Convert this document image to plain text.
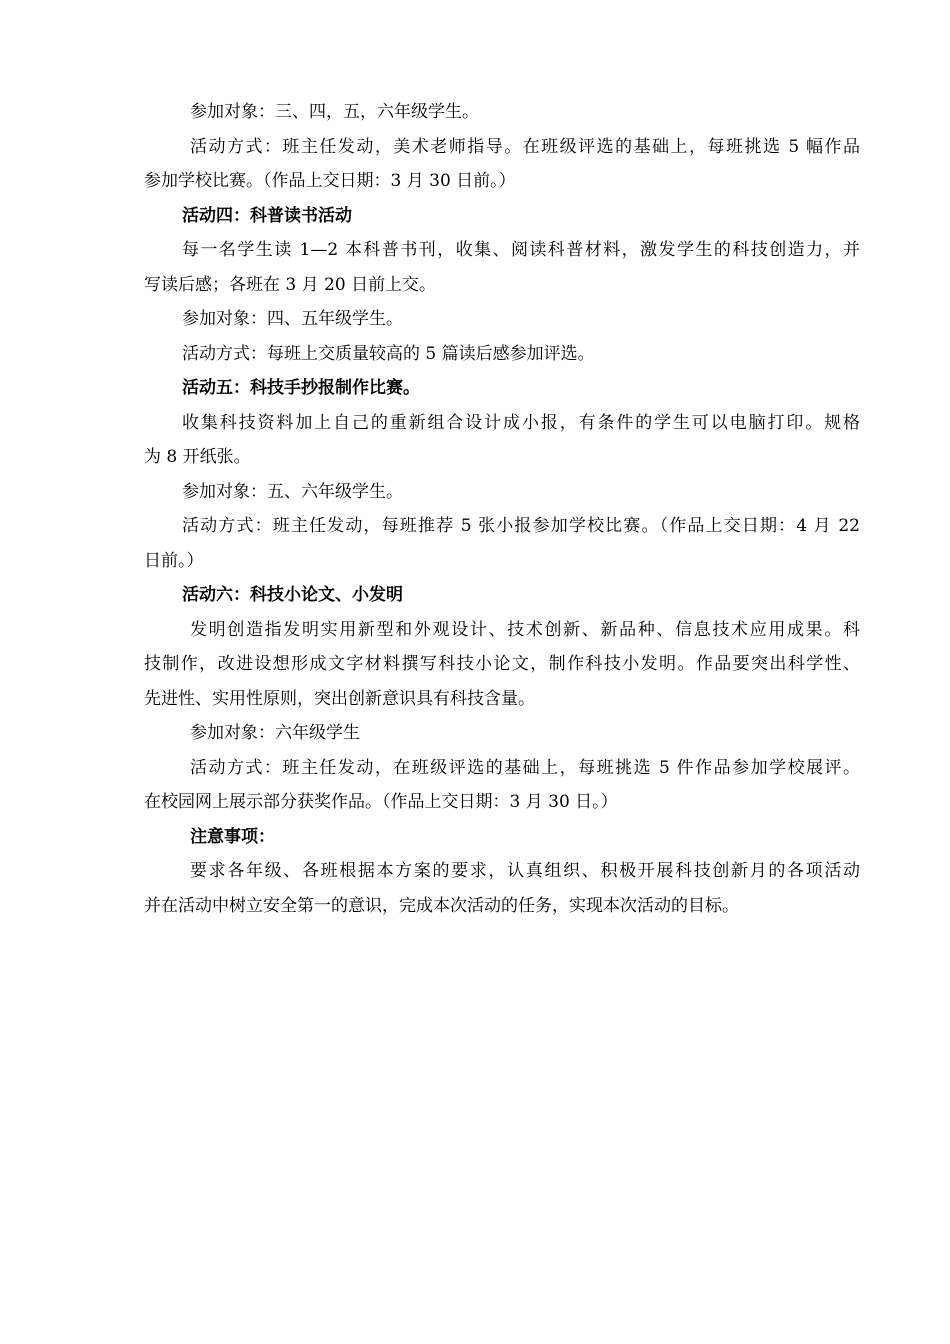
参加对象：三、四，五，六年级学生。
活动方式：班主任发动，美术老师指导。在班级评选的基础上，每班挑选 5 幅作品
参加学校比赛。（作品上交日期：3 月 30 日前。）
活动四：科普读书活动
每一名学生读 1—2 本科普书刊，收集、阅读科普材料，激发学生的科技创造力，并
写读后感；各班在 3 月 20 日前上交。
参加对象：四、五年级学生。
活动方式：每班上交质量较高的 5 篇读后感参加评选。
活动五：科技手抄报制作比赛。
收集科技资料加上自己的重新组合设计成小报，有条件的学生可以电脑打印。规格
为 8 开纸张。
参加对象：五、六年级学生。
活动方式：班主任发动，每班推荐 5 张小报参加学校比赛。（作品上交日期：4 月 22
日前。）
活动六：科技小论文、小发明
发明创造指发明实用新型和外观设计、技术创新、新品种、信息技术应用成果。科
技制作，改进设想形成文字材料撰写科技小论文，制作科技小发明。作品要突出科学性、
先进性、实用性原则，突出创新意识具有科技含量。
参加对象：六年级学生
活动方式：班主任发动，在班级评选的基础上，每班挑选 5 件作品参加学校展评。
在校园网上展示部分获奖作品。（作品上交日期：3 月 30 日。）
注意事项：
要求各年级、各班根据本方案的要求，认真组织、积极开展科技创新月的各项活动
并在活动中树立安全第一的意识，完成本次活动的任务，实现本次活动的目标。
